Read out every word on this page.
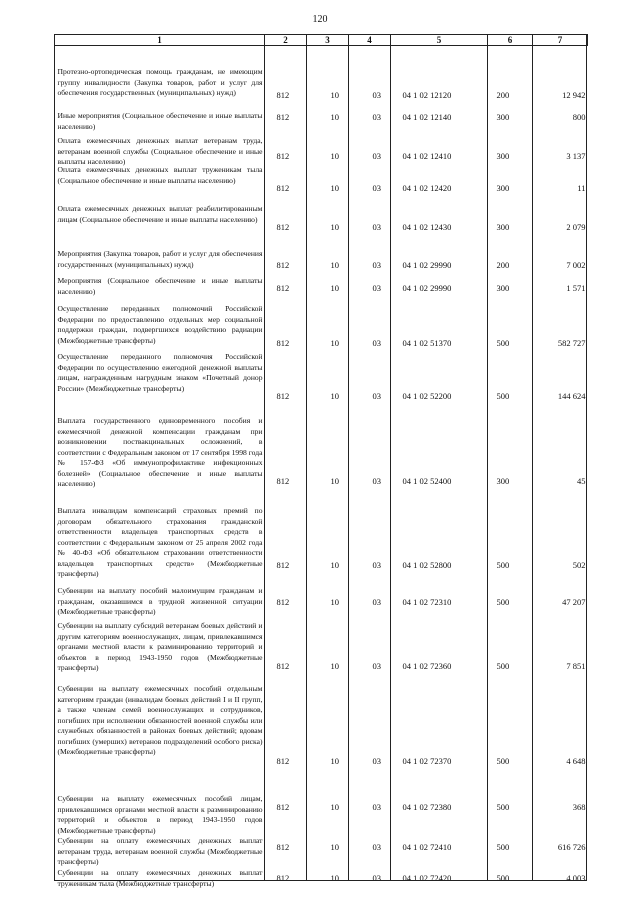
120
1	2	3	4	5	6	7

Протезно-ортопедическая помощь гражданам, не имеющим группу инвалидности (Закупка товаров, работ и услуг для обеспечения государственных (муниципальных) нужд)	812	10	03	04 1 02 12120	200	12 942
Иные мероприятия (Социальное обеспечение и иные выплаты населению)
812	10	03	04 1 02 12140	300	800
Оплата ежемесячных денежных выплат ветеранам труда, ветеранам военной службы (Социальное обеспечение и иные выплаты населению)
812	10	03	04 1 02 12410	300	3 137
Оплата ежемесячных денежных выплат труженикам тыла (Социальное обеспечение и иные выплаты населению)
812	10	03	04 1 02 12420	300	11
Оплата ежемесячных денежных выплат реабилитированным лицам (Социальное обеспечение и иные выплаты населению)
812	10	03	04 1 02 12430	300	2 079
Мероприятия (Закупка товаров, работ и услуг для обеспечения государственных (муниципальных) нужд)	812	10	03	04 1 02 29990	200	7 002
Мероприятия (Социальное обеспечение и иные выплаты населению)	812	10	03	04 1 02 29990	300	1 571
Осуществление переданных полномочий Российской Федерации по предоставлению отдельных мер социальной поддержки граждан, подвергшихся воздействию радиации (Межбюджетные трансферты)	812	10	03	04 1 02 51370	500	582 727
Осуществление переданного полномочия Российской Федерации по осуществлению ежегодной денежной выплаты лицам, награжденным нагрудным знаком «Почетный донор России» (Межбюджетные трансферты)
812	10	03	04 1 02 52200	500	144 624
Выплата государственного единовременного пособия и ежемесячной денежной компенсации гражданам при возникновении поствакцинальных осложнений, в соответствии с Федеральным законом от 17 сентября 1998 года № 157-ФЗ «Об иммунопрофилактике инфекционных болезней» (Социальное обеспечение и иные выплаты населению)	812	10	03	04 1 02 52400	300	45
Выплата инвалидам компенсаций страховых премий по договорам обязательного страхования гражданской ответственности владельцев транспортных средств в соответствии с Федеральным законом от 25 апреля 2002 года № 40-ФЗ «Об обязательном страховании ответственности владельцев транспортных средств» (Межбюджетные трансферты)
812	10	03	04 1 02 52800	500	502
Субвенции на выплату пособий малоимущим гражданам и гражданам, оказавшимся в трудной жизненной ситуации (Межбюджетные трансферты)
812	10	03	04 1 02 72310	500	47 207
Субвенции на выплату субсидий ветеранам боевых действий и другим категориям военнослужащих, лицам, привлекавшимся органами местной власти к разминированию территорий и объектов в период 1943-1950 годов (Межбюджетные трансферты)	812	10	03	04 1 02 72360	500	7 851
Субвенции на выплату ежемесячных пособий отдельным категориям граждан (инвалидам боевых действий I и II групп, а также членам семей военнослужащих и сотрудников, погибших при исполнении обязанностей военной службы или служебных обязанностей в районах боевых действий; вдовам погибших (умерших) ветеранов подразделений особого риска) (Межбюджетные трансферты)
812	10	03	04 1 02 72370	500	4 648
Субвенции на выплату ежемесячных пособий лицам, привлекавшимся органами местной власти к разминированию территорий и объектов в период 1943-1950 годов (Межбюджетные трансферты)
812	10	03	04 1 02 72380	500	368
Субвенции на оплату ежемесячных денежных выплат ветеранам труда, ветеранам военной службы (Межбюджетные трансферты)
812	10	03	04 1 02 72410	500	616 726
Субвенции на оплату ежемесячных денежных выплат труженикам тыла (Межбюджетные трансферты)	812	10	03	04 1 02 72420	500	4 003
